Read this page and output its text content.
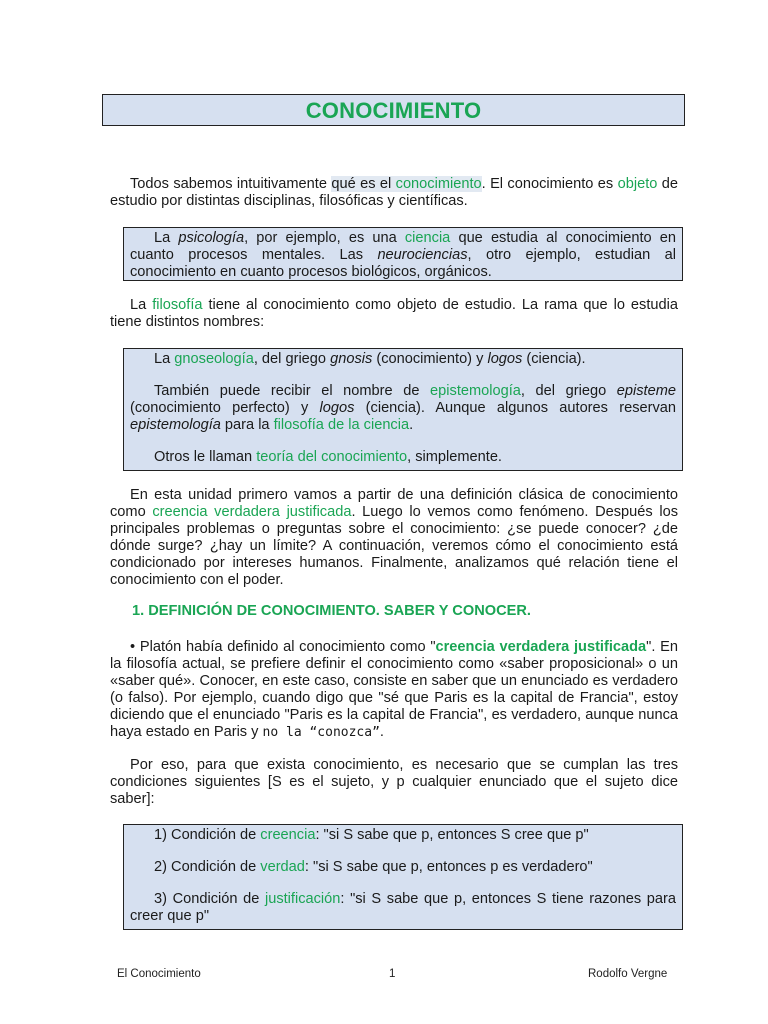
CONOCIMIENTO

Todos sabemos intuitivamente qué es el conocimiento. El conocimiento es objeto de estudio por distintas disciplinas, filosóficas y científicas.

La psicología, por ejemplo, es una ciencia que estudia al conocimiento en cuanto procesos mentales. Las neurociencias, otro ejemplo, estudian al conocimiento en cuanto procesos biológicos, orgánicos.

La filosofía tiene al conocimiento como objeto de estudio. La rama que lo estudia tiene distintos nombres:

La gnoseología, del griego gnosis (conocimiento) y logos (ciencia).

También puede recibir el nombre de epistemología, del griego episteme (conocimiento perfecto) y logos (ciencia). Aunque algunos autores reservan epistemología para la filosofía de la ciencia.

Otros le llaman teoría del conocimiento, simplemente.

En esta unidad primero vamos a partir de una definición clásica de conocimiento como creencia verdadera justificada. Luego lo vemos como fenómeno. Después los principales problemas o preguntas sobre el conocimiento: ¿se puede conocer? ¿de dónde surge? ¿hay un límite? A continuación, veremos cómo el conocimiento está condicionado por intereses humanos. Finalmente, analizamos qué relación tiene el conocimiento con el poder.

1. DEFINICIÓN DE CONOCIMIENTO. SABER Y CONOCER.

• Platón había definido al conocimiento como "creencia verdadera justificada". En la filosofía actual, se prefiere definir el conocimiento como «saber proposicional» o un «saber qué». Conocer, en este caso, consiste en saber que un enunciado es verdadero (o falso). Por ejemplo, cuando digo que "sé que Paris es la capital de Francia", estoy diciendo que el enunciado "Paris es la capital de Francia", es verdadero, aunque nunca haya estado en Paris y no la “conozca”.

Por eso, para que exista conocimiento, es necesario que se cumplan las tres condiciones siguientes [S es el sujeto, y p cualquier enunciado que el sujeto dice saber]:

1) Condición de creencia: "si S sabe que p, entonces S cree que p"

2) Condición de verdad: "si S sabe que p, entonces p es verdadero"

3) Condición de justificación: "si S sabe que p, entonces S tiene razones para creer que p"

El Conocimiento	1	Rodolfo Vergne
